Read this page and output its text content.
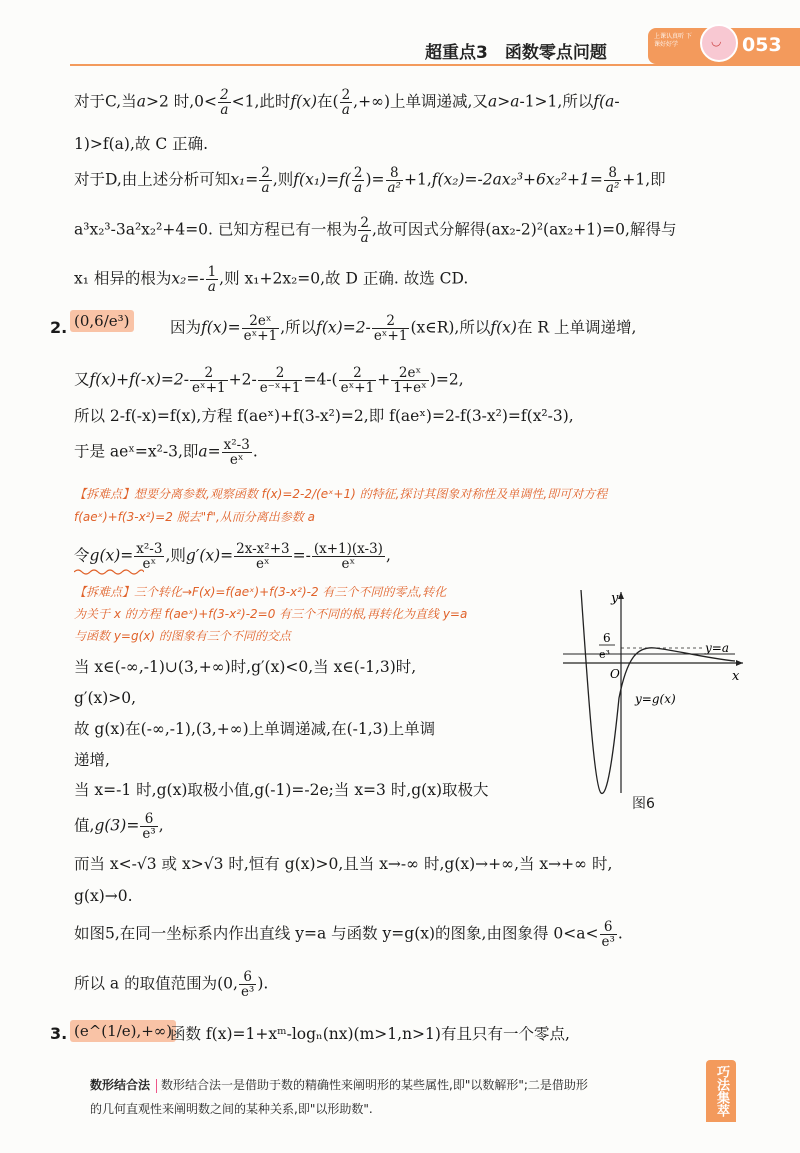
超重点3　函数零点问题
上课认真听 下课好好学	◡ 053
对于C,当a>2 时$,0< \frac{2}{a} <1$,此时f(x)在( $\frac{2}{a}$ ,+∞)上单调递减,又a>a-1>1,所以f(a-
1)>f(a),故 C 正确.
对于D,由上述分析可知$x_1= \frac{2}{a}$ ,则$f(x_1)=f( \frac{2}{a}$ )= $\frac{8}{\text{a²}} +1,f(x_2)=-2ax_2^3+6x_2^2+1= \frac{8}{\text{a²}} +1$,即
a³x₂³-3a²x₂²+4=0. 已知方程已有一根为 $\frac{2}{a}$ ,故可因式分解得(ax₂-2)²(ax₂+1)=0,解得与
x₁ 相异的根为$x_2=- \frac{1}{a}$ ,则 x₁+2x₂=0,故 D 正确. 故选 CD.
2. (0,6/e³)	因为$f(x)= \frac{\text{2eˣ}}{\text{eˣ+1}}$ ,所以$f(x)=2- \frac{2}{\text{eˣ+1}}$ (x∈R),所以f(x)在 R 上单调递增,
又$f(x)+f(-x)=2- \frac{2}{\text{eˣ+1}} +2- \frac{2}{\text{e⁻ˣ+1}} =4-( \frac{2}{\text{eˣ+1}} + \frac{\text{2eˣ}}{\text{1+eˣ}} )=2$,
所以 2-f(-x)=f(x),方程 f(aeˣ)+f(3-x²)=2,即 f(aeˣ)=2-f(3-x²)=f(x²-3),
于是 aeˣ=x²-3,即$a= \frac{\text{x²-3}}{\text{eˣ}}$ .
【拆难点】想要分离参数,观察函数 f(x)=2-2/(eˣ+1) 的特征,探讨其图象对称性及单调性,即可对方程
f(aeˣ)+f(3-x²)=2 脱去"f",从而分离出参数 a
令$g(x)= \frac{\text{x²-3}}{\text{eˣ}}$ ,则$g'(x)= \frac{\text{2x-x²+3}}{\text{eˣ}} =- \frac{(x+1)(x-3)}{\text{eˣ}}$ ,
【拆难点】三个转化→F(x)=f(aeˣ)+f(3-x²)-2 有三个不同的零点,转化
为关于 x 的方程 f(aeˣ)+f(3-x²)-2=0 有三个不同的根,再转化为直线 y=a
与函数 y=g(x) 的图象有三个不同的交点
当 x∈(-∞,-1)∪(3,+∞)时,g′(x)<0,当 x∈(-1,3)时,
g′(x)>0,
故 g(x)在(-∞,-1),(3,+∞)上单调递减,在(-1,3)上单调
递增,
当 x=-1 时,g(x)取极小值,g(-1)=-2e;当 x=3 时,g(x)取极大
值$,g(3)= \frac{6}{\text{e³}}$ ,
而当 x<-√3 或 x>√3 时,恒有 g(x)>0,且当 x→-∞ 时,g(x)→+∞,当 x→+∞ 时,
g(x)→0.
如图5,在同一坐标系内作出直线 y=a 与函数 y=g(x)的图象,由图象得 $0<a< \frac{6}{\text{e³}}$ .
所以 a 的取值范围为(0, $\frac{6}{\text{e³}}$ ).
3. (e^(1/e),+∞)
函数 f(x)=1+xᵐ-logₙ(nx)(m>1,n>1)有且只有一个零点,
y
x
O
y=a
y=g(x)
6
e³
图6
数形结合法 数形结合法一是借助于数的精确性来阐明形的某些属性,即"以数解形";二是借助形
的几何直观性来阐明数之间的某种关系,即"以形助数".	巧法集萃
